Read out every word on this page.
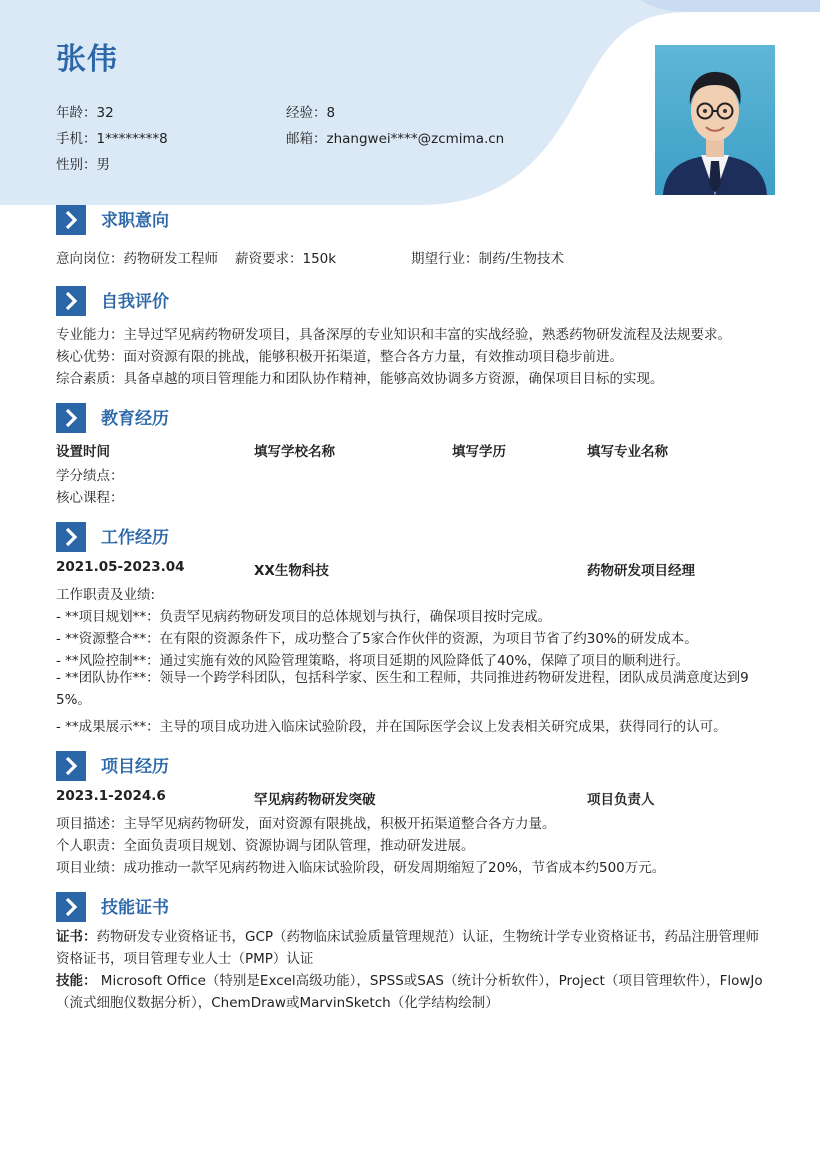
张伟
年龄：32	经验：8
手机：1********8	邮箱：zhangwei****@zcmima.cn
性别：男
求职意向
意向岗位：药物研发工程师 薪资要求：150k	期望行业：制药/生物技术
自我评价
专业能力：主导过罕见病药物研发项目，具备深厚的专业知识和丰富的实战经验，熟悉药物研发流程及法规要求。
核心优势：面对资源有限的挑战，能够积极开拓渠道，整合各方力量，有效推动项目稳步前进。
综合素质：具备卓越的项目管理能力和团队协作精神，能够高效协调多方资源，确保项目目标的实现。
教育经历
设置时间	填写学校名称	填写学历	填写专业名称
学分绩点：
核心课程：
工作经历
2021.05-2023.04	XX生物科技	药物研发项目经理
工作职责及业绩:
- **项目规划**：负责罕见病药物研发项目的总体规划与执行，确保项目按时完成。
- **资源整合**：在有限的资源条件下，成功整合了5家合作伙伴的资源，为项目节省了约30%的研发成本。
- **风险控制**：通过实施有效的风险管理策略，将项目延期的风险降低了40%，保障了项目的顺利进行。
- **团队协作**：领导一个跨学科团队，包括科学家、医生和工程师，共同推进药物研发进程，团队成员满意度达到95%。
- **成果展示**：主导的项目成功进入临床试验阶段，并在国际医学会议上发表相关研究成果，获得同行的认可。
项目经历
2023.1-2024.6	罕见病药物研发突破	项目负责人
项目描述：主导罕见病药物研发，面对资源有限挑战，积极开拓渠道整合各方力量。
个人职责：全面负责项目规划、资源协调与团队管理，推动研发进展。
项目业绩：成功推动一款罕见病药物进入临床试验阶段，研发周期缩短了20%，节省成本约500万元。
技能证书
证书：药物研发专业资格证书，GCP（药物临床试验质量管理规范）认证，生物统计学专业资格证书，药品注册管理师资格证书，项目管理专业人士（PMP）认证
技能： Microsoft Office（特别是Excel高级功能），SPSS或SAS（统计分析软件），Project（项目管理软件），FlowJo（流式细胞仪数据分析），ChemDraw或MarvinSketch（化学结构绘制）
